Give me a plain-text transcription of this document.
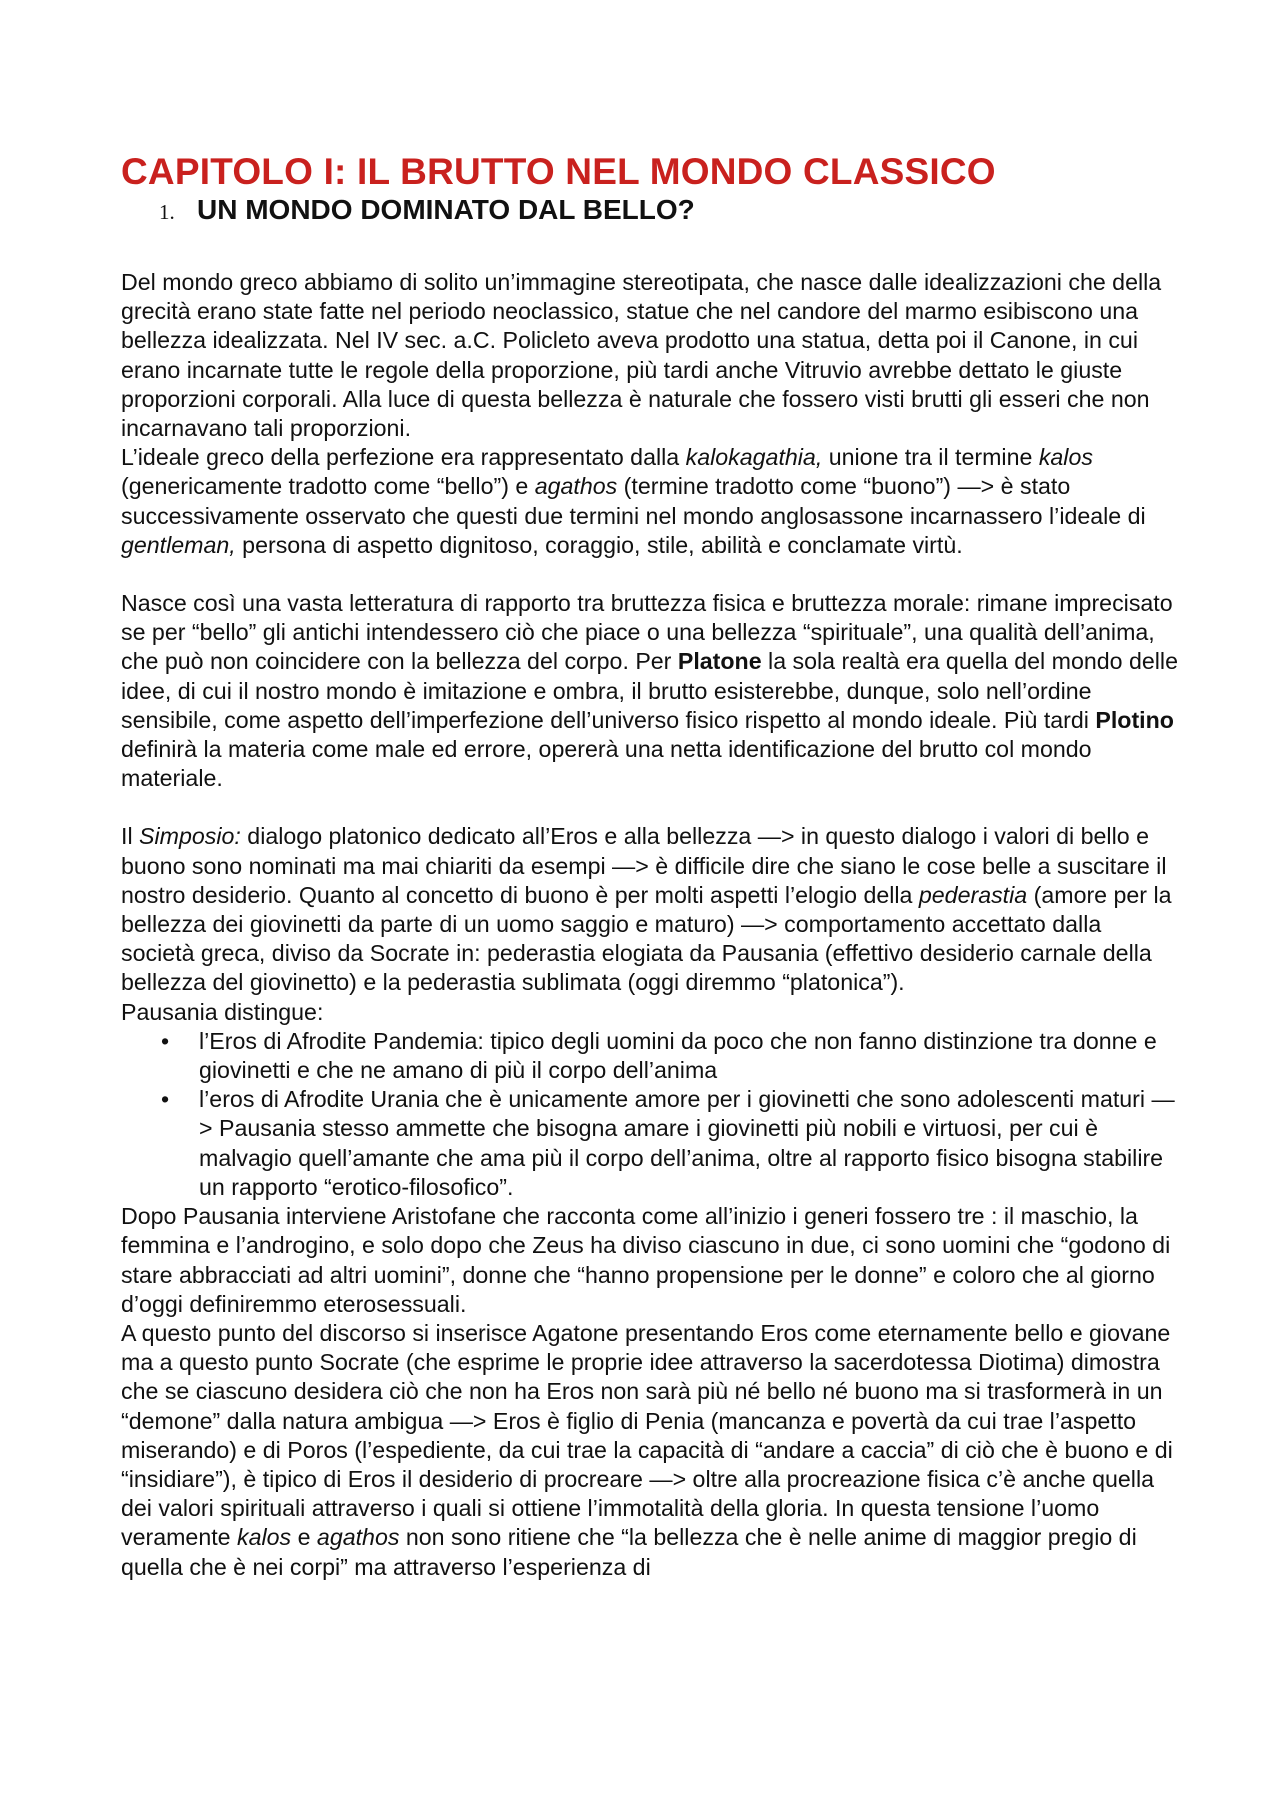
CAPITOLO I: IL BRUTTO NEL MONDO CLASSICO
1. UN MONDO DOMINATO DAL BELLO?

Del mondo greco abbiamo di solito un’immagine stereotipata, che nasce dalle idealizzazioni che della grecità erano state fatte nel periodo neoclassico, statue che nel candore del marmo esibiscono una bellezza idealizzata. Nel IV sec. a.C. Policleto aveva prodotto una statua, detta poi il Canone, in cui erano incarnate tutte le regole della proporzione, più tardi anche Vitruvio avrebbe dettato le giuste proporzioni corporali. Alla luce di questa bellezza è naturale che fossero visti brutti gli esseri che non incarnavano tali proporzioni.

L’ideale greco della perfezione era rappresentato dalla kalokagathia, unione tra il termine kalos (genericamente tradotto come “bello”) e agathos (termine tradotto come “buono”) —> è stato successivamente osservato che questi due termini nel mondo anglosassone incarnassero l’ideale di gentleman, persona di aspetto dignitoso, coraggio, stile, abilità e conclamate virtù.

Nasce così una vasta letteratura di rapporto tra bruttezza fisica e bruttezza morale: rimane imprecisato se per “bello” gli antichi intendessero ciò che piace o una bellezza “spirituale”, una qualità dell’anima, che può non coincidere con la bellezza del corpo. Per Platone la sola realtà era quella del mondo delle idee, di cui il nostro mondo è imitazione e ombra, il brutto esisterebbe, dunque, solo nell’ordine sensibile, come aspetto dell’imperfezione dell’universo fisico rispetto al mondo ideale. Più tardi Plotino definirà la materia come male ed errore, opererà una netta identificazione del brutto col mondo materiale.

Il Simposio: dialogo platonico dedicato all’Eros e alla bellezza —> in questo dialogo i valori di bello e buono sono nominati ma mai chiariti da esempi —> è difficile dire che siano le cose belle a suscitare il nostro desiderio. Quanto al concetto di buono è per molti aspetti l’elogio della pederastia (amore per la bellezza dei giovinetti da parte di un uomo saggio e maturo) —> comportamento accettato dalla società greca, diviso da Socrate in: pederastia elogiata da Pausania (effettivo desiderio carnale della bellezza del giovinetto) e la pederastia sublimata (oggi diremmo “platonica”).

Pausania distingue:

• l’Eros di Afrodite Pandemia: tipico degli uomini da poco che non fanno distinzione tra donne e giovinetti e che ne amano di più il corpo dell’anima
• l’eros di Afrodite Urania che è unicamente amore per i giovinetti che sono adolescenti maturi —> Pausania stesso ammette che bisogna amare i giovinetti più nobili e virtuosi, per cui è malvagio quell’amante che ama più il corpo dell’anima, oltre al rapporto fisico bisogna stabilire un rapporto “erotico-filosofico”.

Dopo Pausania interviene Aristofane che racconta come all’inizio i generi fossero tre : il maschio, la femmina e l’androgino, e solo dopo che Zeus ha diviso ciascuno in due, ci sono uomini che “godono di stare abbracciati ad altri uomini”, donne che “hanno propensione per le donne” e coloro che al giorno d’oggi definiremmo eterosessuali.

A questo punto del discorso si inserisce Agatone presentando Eros come eternamente bello e giovane ma a questo punto Socrate (che esprime le proprie idee attraverso la sacerdotessa Diotima) dimostra che se ciascuno desidera ciò che non ha Eros non sarà più né bello né buono ma si trasformerà in un “demone” dalla natura ambigua —> Eros è figlio di Penia (mancanza e povertà da cui trae l’aspetto miserando) e di Poros (l’espediente, da cui trae la capacità di “andare a caccia” di ciò che è buono e di “insidiare”), è tipico di Eros il desiderio di procreare —> oltre alla procreazione fisica c’è anche quella dei valori spirituali attraverso i quali si ottiene l’immotalità della gloria. In questa tensione l’uomo veramente kalos e agathos non sono ritiene che “la bellezza che è nelle anime di maggior pregio di quella che è nei corpi” ma attraverso l’esperienza di
